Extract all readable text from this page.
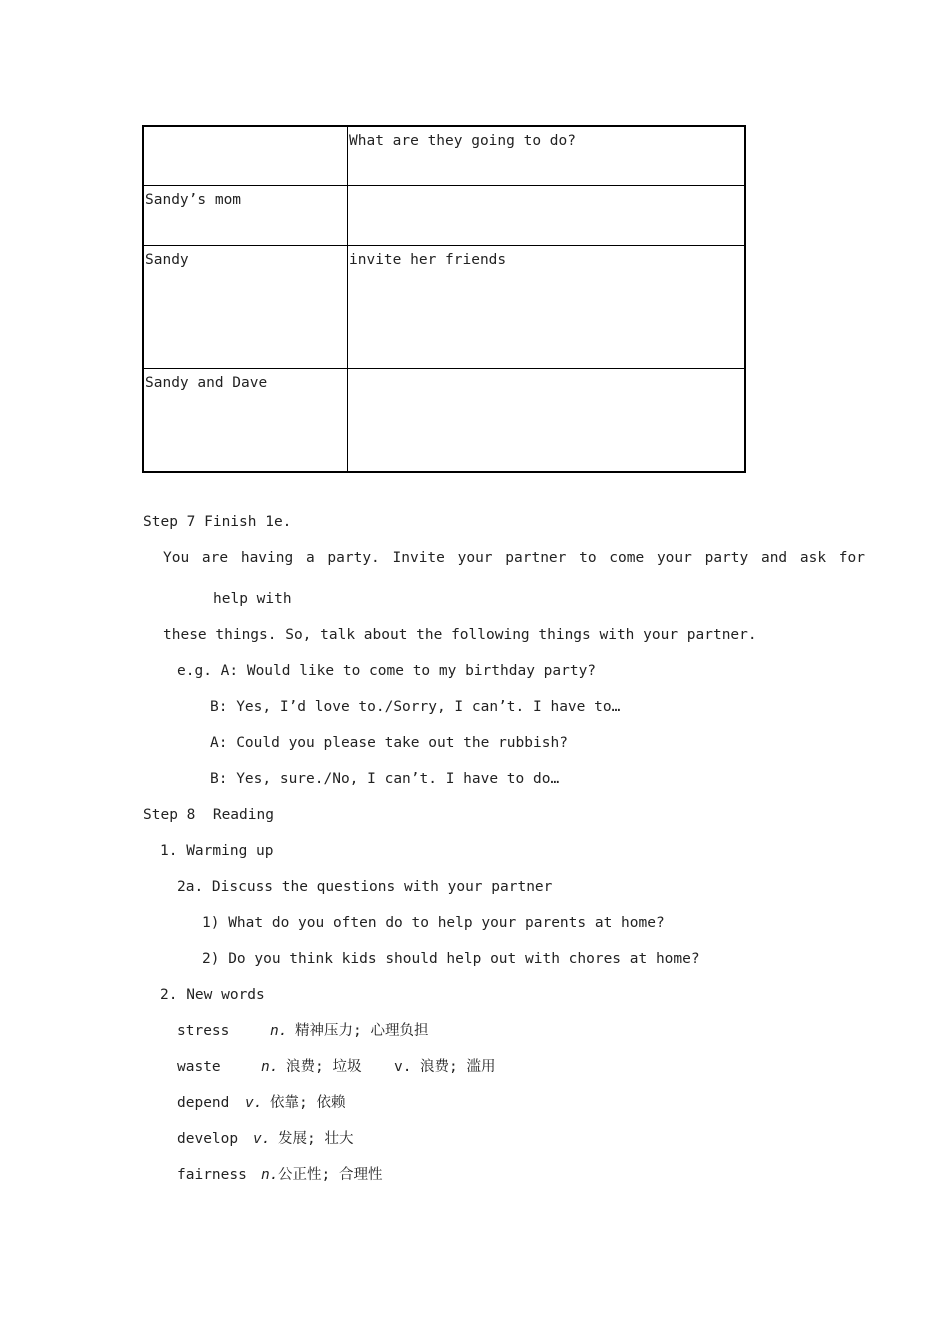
	What are they going to do?
Sandy’s mom	
Sandy	invite her friends
Sandy and Dave	
Step 7 Finish 1e.
You are having a party. Invite your partner to come your party and ask for
help with
these things. So, talk about the following things with your partner.
e.g. A: Would like to come to my birthday party?
B: Yes, I’d love to./Sorry, I can’t. I have to…
A: Could you please take out the rubbish?
B: Yes, sure./No, I can’t. I have to do…
Step 8  Reading
1. Warming up
2a. Discuss the questions with your partner
1) What do you often do to help your parents at home?
2) Do you think kids should help out with chores at home?
2. New words
stress	n. 精神压力; 心理负担
waste	n. 浪费; 垃圾 v. 浪费; 滥用
depend v. 依靠; 依赖
develop v. 发展; 壮大
fairness n. 公正性; 合理性
